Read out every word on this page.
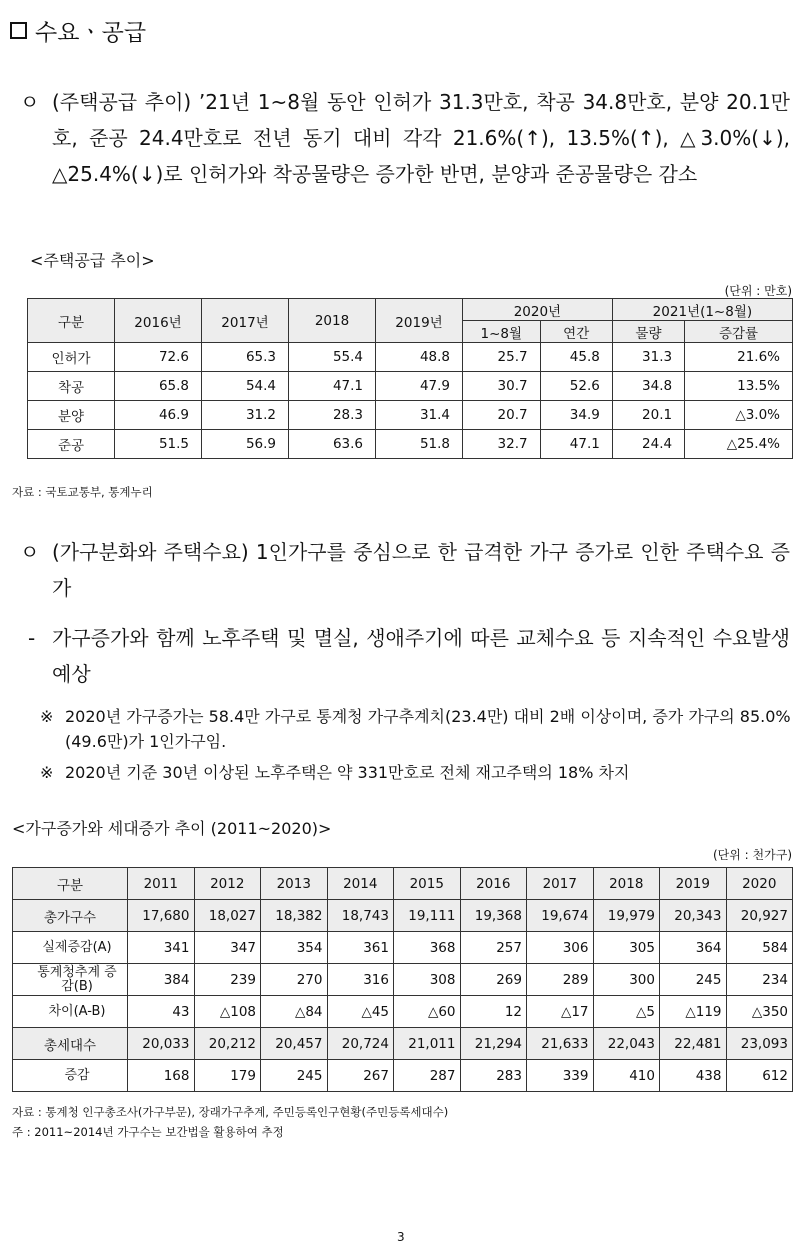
수요ㆍ공급
ㅇ (주택공급 추이) ’21년 1~8월 동안 인허가 31.3만호, 착공 34.8만호, 분양 20.1만호, 준공 24.4만호로 전년 동기 대비 각각 21.6%(↑), 13.5%(↑), △3.0%(↓), △25.4%(↓)로 인허가와 착공물량은 증가한 반면, 분양과 준공물량은 감소
<주택공급 추이>
(단위 : 만호)
구분	2016년	2017년	2018	2019년	2020년		2021년(1~8월)	
					1~8월	연간	물량	증감률
인허가	72.6	65.3	55.4	48.8	25.7	45.8	31.3	21.6%
착공	65.8	54.4	47.1	47.9	30.7	52.6	34.8	13.5%
분양	46.9	31.2	28.3	31.4	20.7	34.9	20.1	△3.0%
준공	51.5	56.9	63.6	51.8	32.7	47.1	24.4	△25.4%
자료 : 국토교통부, 통계누리
ㅇ (가구분화와 주택수요) 1인가구를 중심으로 한 급격한 가구 증가로 인한 주택수요 증가
- 가구증가와 함께 노후주택 및 멸실, 생애주기에 따른 교체수요 등 지속적인 수요발생 예상
※ 2020년 가구증가는 58.4만 가구로 통계청 가구추계치(23.4만) 대비 2배 이상이며, 증가 가구의 85.0%(49.6만)가 1인가구임.
※ 2020년 기준 30년 이상된 노후주택은 약 331만호로 전체 재고주택의 18% 차지
<가구증가와 세대증가 추이 (2011~2020)>
(단위 : 천가구)
구분	2011	2012	2013	2014	2015	2016	2017	2018	2019	2020
총가구수	17,680	18,027	18,382	18,743	19,111	19,368	19,674	19,979	20,343	20,927
실제증감(A)	341	347	354	361	368	257	306	305	364	584
통계청추계 증감(B)	384	239	270	316	308	269	289	300	245	234
차이(A-B)	43	△108	△84	△45	△60	12	△17	△5	△119	△350
총세대수	20,033	20,212	20,457	20,724	21,011	21,294	21,633	22,043	22,481	23,093
증감	168	179	245	267	287	283	339	410	438	612
자료 : 통계청 인구총조사(가구부문), 장래가구추계, 주민등록인구현황(주민등록세대수)
주 : 2011~2014년 가구수는 보간법을 활용하여 추정
3
